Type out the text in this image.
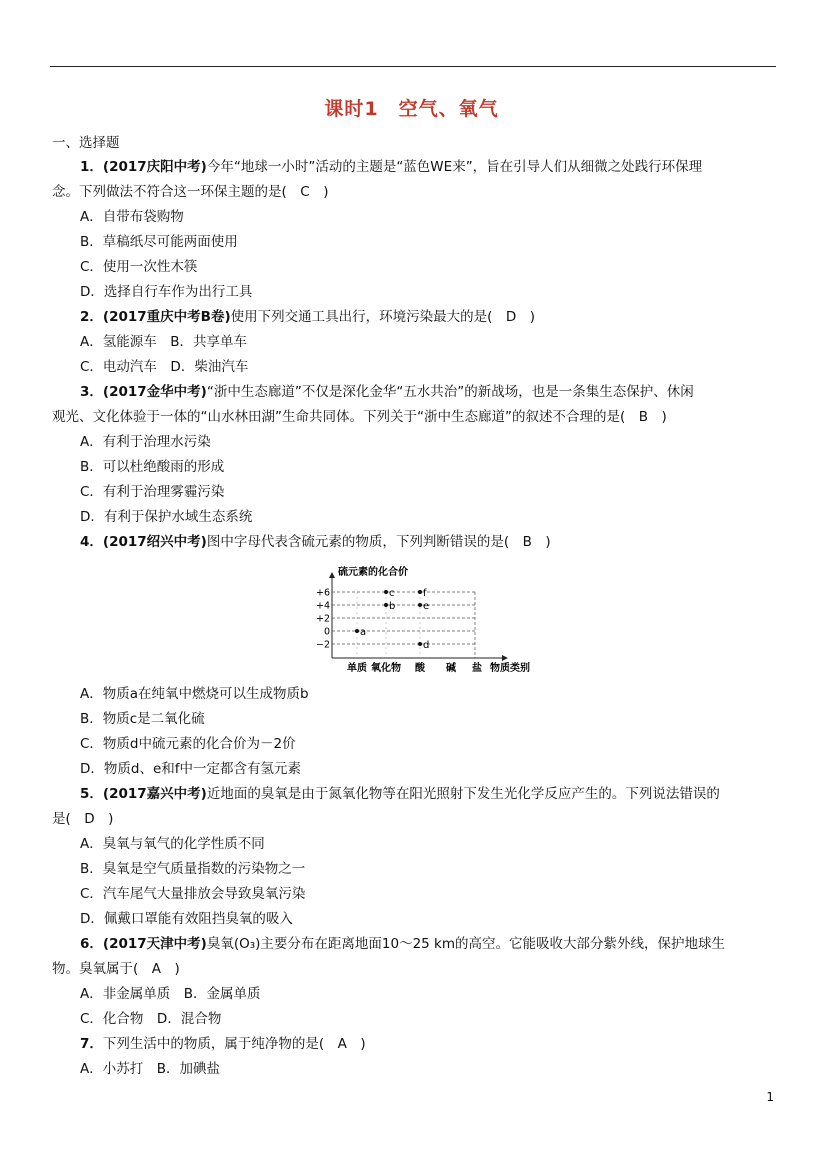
课时1　空气、氧气
一、选择题
1．(2017庆阳中考)今年“地球一小时”活动的主题是“蓝色WE来”，旨在引导人们从细微之处践行环保理
念。下列做法不符合这一环保主题的是(　C　)
A．自带布袋购物
B．草稿纸尽可能两面使用
C．使用一次性木筷
D．选择自行车作为出行工具
2．(2017重庆中考B卷)使用下列交通工具出行，环境污染最大的是(　D　)
A．氢能源车　B．共享单车
C．电动汽车　D．柴油汽车
3．(2017金华中考)“浙中生态廊道”不仅是深化金华“五水共治”的新战场，也是一条集生态保护、休闲
观光、文化体验于一体的“山水林田湖”生命共同体。下列关于“浙中生态廊道”的叙述不合理的是(　B　)
A．有利于治理水污染
B．可以杜绝酸雨的形成
C．有利于治理雾霾污染
D．有利于保护水域生态系统
4．(2017绍兴中考)图中字母代表含硫元素的物质，下列判断错误的是(　B　)
硫元素的化合价
+6
+4
+2
0
−2
单质 氧化物 酸 碱 盐 物质类别
a
b
c
d
e
f
A．物质a在纯氧中燃烧可以生成物质b
B．物质c是二氧化硫
C．物质d中硫元素的化合价为－2价
D．物质d、e和f中一定都含有氢元素
5．(2017嘉兴中考)近地面的臭氧是由于氮氧化物等在阳光照射下发生光化学反应产生的。下列说法错误的
是(　D　)
A．臭氧与氧气的化学性质不同
B．臭氧是空气质量指数的污染物之一
C．汽车尾气大量排放会导致臭氧污染
D．佩戴口罩能有效阻挡臭氧的吸入
6．(2017天津中考)臭氧(O₃)主要分布在距离地面10～25 km的高空。它能吸收大部分紫外线，保护地球生
物。臭氧属于(　A　)
A．非金属单质　B．金属单质
C．化合物　D．混合物
7．下列生活中的物质，属于纯净物的是(　A　)
A．小苏打　B．加碘盐
1
